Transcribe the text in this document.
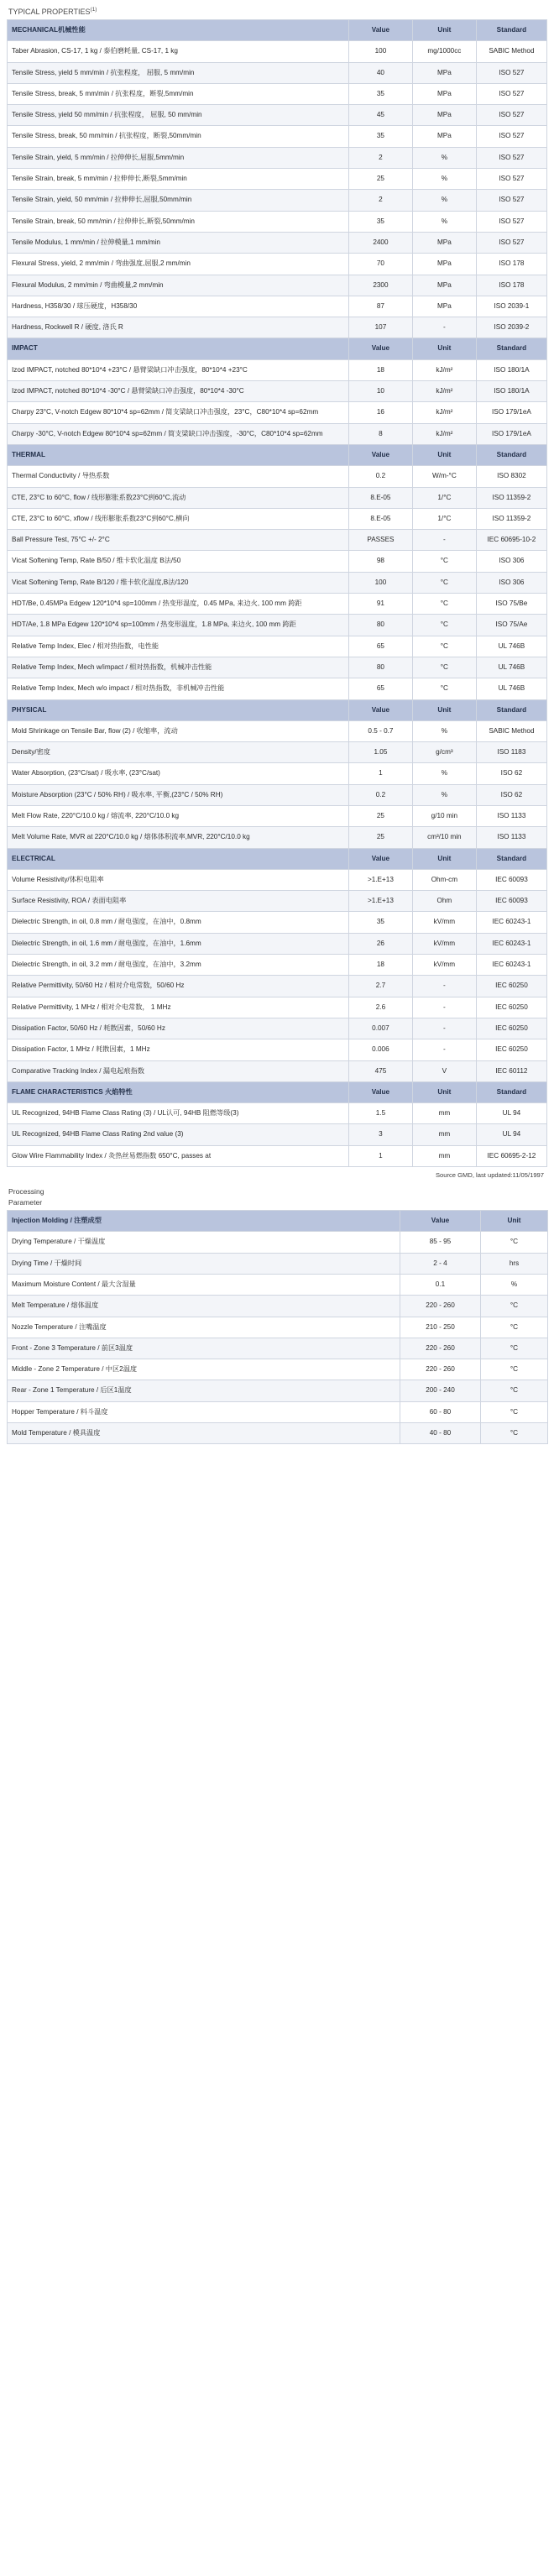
TYPICAL PROPERTIES$^{(1)}$
MECHANICAL机械性能	Value	Unit	Standard
Taber Abrasion, CS-17, 1 kg / 泰伯磨耗量, CS-17, 1 kg	100	mg/1000cc	SABIC Method
Tensile Stress, yield 5 mm/min / 抗张程度， 屈服, 5 mm/min	40	MPa	ISO 527
Tensile Stress, break, 5 mm/min / 抗张程度，断裂,5mm/min	35	MPa	ISO 527
Tensile Stress, yield 50 mm/min / 抗张程度， 屈服, 50 mm/min	45	MPa	ISO 527
Tensile Stress, break, 50 mm/min / 抗张程度，断裂,50mm/min	35	MPa	ISO 527
Tensile Strain, yield, 5 mm/min / 拉伸伸长,屈服,5mm/min	2	%	ISO 527
Tensile Strain, break, 5 mm/min / 拉伸伸长,断裂,5mm/min	25	%	ISO 527
Tensile Strain, yield, 50 mm/min / 拉伸伸长,屈服,50mm/min	2	%	ISO 527
Tensile Strain, break, 50 mm/min / 拉伸伸长,断裂,50mm/min	35	%	ISO 527
Tensile Modulus, 1 mm/min / 拉伸模量,1 mm/min	2400	MPa	ISO 527
Flexural Stress, yield, 2 mm/min / 弯曲强度,屈服,2 mm/min	70	MPa	ISO 178
Flexural Modulus, 2 mm/min / 弯曲模量,2 mm/min	2300	MPa	ISO 178
Hardness, H358/30 / 球压硬度，H358/30	87	MPa	ISO 2039-1
Hardness, Rockwell R / 硬度, 洛氏 R	107	-	ISO 2039-2
IMPACT	Value	Unit	Standard
Izod IMPACT, notched 80*10*4 +23°C / 悬臂梁缺口冲击强度，80*10*4 +23°C	18	kJ/m²	ISO 180/1A
Izod IMPACT, notched 80*10*4 -30°C / 悬臂梁缺口冲击强度，80*10*4 -30°C	10	kJ/m²	ISO 180/1A
Charpy 23°C, V-notch Edgew 80*10*4 sp=62mm / 简支梁缺口冲击强度，23°C，C80*10*4 sp=62mm	16	kJ/m²	ISO 179/1eA
Charpy -30°C, V-notch Edgew 80*10*4 sp=62mm / 简支梁缺口冲击强度，-30°C，C80*10*4 sp=62mm	8	kJ/m²	ISO 179/1eA
THERMAL	Value	Unit	Standard
Thermal Conductivity / 导热系数	0.2	W/m-°C	ISO 8302
CTE, 23°C to 60°C, flow / 线形膨胀系数23°C到60°C,流动	8.E-05	1/°C	ISO 11359-2
CTE, 23°C to 60°C, xflow / 线形膨胀系数23°C到60°C,横向	8.E-05	1/°C	ISO 11359-2
Ball Pressure Test, 75°C +/- 2°C	PASSES	-	IEC 60695-10-2
Vicat Softening Temp, Rate B/50 / 维卡软化温度 B法/50	98	°C	ISO 306
Vicat Softening Temp, Rate B/120 / 维卡软化温度,B法/120	100	°C	ISO 306
HDT/Be, 0.45MPa Edgew 120*10*4 sp=100mm / 热变形温度，0.45 MPa, 来边火, 100 mm 跨距	91	°C	ISO 75/Be
HDT/Ae, 1.8 MPa Edgew 120*10*4 sp=100mm / 热变形温度，1.8 MPa, 来边火, 100 mm 跨距	80	°C	ISO 75/Ae
Relative Temp Index, Elec / 相对热指数，电性能	65	°C	UL 746B
Relative Temp Index, Mech w/impact / 相对热指数，机械冲击性能	80	°C	UL 746B
Relative Temp Index, Mech w/o impact / 相对热指数，非机械冲击性能	65	°C	UL 746B
PHYSICAL	Value	Unit	Standard
Mold Shrinkage on Tensile Bar, flow (2) / 收缩率，流动	0.5 - 0.7	%	SABIC Method
Density/密度	1.05	g/cm³	ISO 1183
Water Absorption, (23°C/sat) / 吸水率, (23°C/sat)	1	%	ISO 62
Moisture Absorption (23°C / 50% RH) / 吸水率, 平衡,(23°C / 50% RH)	0.2	%	ISO 62
Melt Flow Rate, 220°C/10.0 kg / 熔流率, 220°C/10.0 kg	25	g/10 min	ISO 1133
Melt Volume Rate, MVR at 220°C/10.0 kg / 熔体体积流率,MVR, 220°C/10.0 kg	25	cm³/10 min	ISO 1133
ELECTRICAL	Value	Unit	Standard
Volume Resistivity/体积电阻率	>1.E+13	Ohm-cm	IEC 60093
Surface Resistivity, ROA / 表面电阻率	>1.E+13	Ohm	IEC 60093
Dielectric Strength, in oil, 0.8 mm / 耐电强度，在油中，0.8mm	35	kV/mm	IEC 60243-1
Dielectric Strength, in oil, 1.6 mm / 耐电强度，在油中，1.6mm	26	kV/mm	IEC 60243-1
Dielectric Strength, in oil, 3.2 mm / 耐电强度，在油中，3.2mm	18	kV/mm	IEC 60243-1
Relative Permittivity, 50/60 Hz / 相对介电常数，50/60 Hz	2.7	-	IEC 60250
Relative Permittivity, 1 MHz / 相对介电常数， 1 MHz	2.6	-	IEC 60250
Dissipation Factor, 50/60 Hz / 耗散因素，50/60 Hz	0.007	-	IEC 60250
Dissipation Factor, 1 MHz / 耗散因素，1 MHz	0.006	-	IEC 60250
Comparative Tracking Index / 漏电起痕指数	475	V	IEC 60112
FLAME CHARACTERISTICS 火焰特性	Value	Unit	Standard
UL Recognized, 94HB Flame Class Rating (3) / UL认可, 94HB 阻燃等级(3)	1.5	mm	UL 94
UL Recognized, 94HB Flame Class Rating 2nd value (3)	3	mm	UL 94
Glow Wire Flammability Index / 灸热丝易燃指数 650°C, passes at	1	mm	IEC 60695-2-12
Source GMD, last updated:11/05/1997
Processing
Parameter
Injection Molding / 注塑成型	Value	Unit
Drying Temperature / 干燥温度	85 - 95	°C
Drying Time / 干燥时间	2 - 4	hrs
Maximum Moisture Content / 最大含湿量	0.1	%
Melt Temperature / 熔体温度	220 - 260	°C
Nozzle Temperature / 注嘴温度	210 - 250	°C
Front - Zone 3 Temperature / 前区3温度	220 - 260	°C
Middle - Zone 2 Temperature / 中区2温度	220 - 260	°C
Rear - Zone 1 Temperature / 后区1温度	200 - 240	°C
Hopper Temperature / 料斗温度	60 - 80	°C
Mold Temperature / 模具温度	40 - 80	°C
